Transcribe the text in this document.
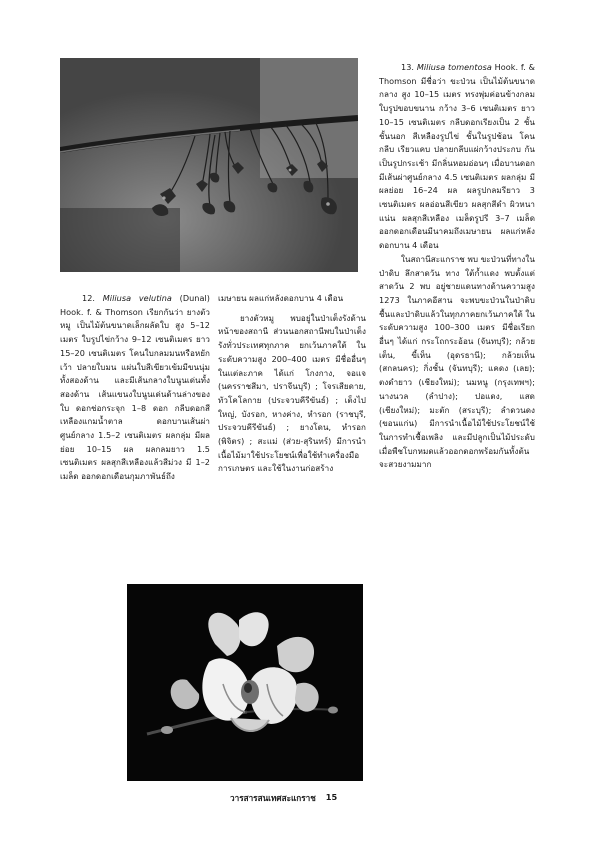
13. Miliusa tomentosa Hook. f. & Thomson มีชื่อว่า ขะป่วน เป็นไม้ต้นขนาดกลาง สูง 10–15 เมตร ทรงพุ่มค่อนข้างกลม ใบรูปขอบขนาน กว้าง 3–6 เซนติเมตร ยาว 10–15 เซนติเมตร กลีบดอกเรียงเป็น 2 ชั้น ชั้นนอก สีเหลืองรูปไข่ ชั้นในรูปช้อน โคนกลีบ เรียวแคบ ปลายกลีบแผ่กว้างประกบ กัน เป็นรูปกระเช้า มีกลิ่นหอมอ่อนๆ เมื่อบานดอกมีเส้นผ่าศูนย์กลาง 4.5 เซนติเมตร ผลกลุ่ม มีผลย่อย 16–24 ผล ผลรูปกลมรียาว 3 เซนติเมตร ผลอ่อนสีเขียว ผลสุกสีดำ ผิวหนาแน่น ผลสุกสีเหลือง เมล็ดรูปรี 3–7 เมล็ด ออกดอกเดือนมีนาคมถึงเมษายน ผลแก่หลังดอกบาน 4 เดือน

ในสถานีสะแกราช พบ ขะป่วนที่ทางใน ป่าดิบ ลึกสาดวัน ทาง ใต้ก้ำเเดง พบตั้งแต่สาดวัน 2 พบ อยู่ชายแดนทางด้านความสูง 1273 ในภาคอีสาน จะพบขะป่วนในป่าดิบชื้นและป่าดิบแล้วในทุกภาคยกเว้นภาคใต้ ในระดับความสูง 100–300 เมตร มีชื่อเรียกอื่นๆ ได้แก่ กระโถกระอ้อน (จันทบุรี); กล้วยเต็น, ขี้เห็น (อุดรธานี); กล้วยเห็น (สกลนคร); กิ่งชั้น (จันทบุรี); แคดง (เลย); ตงดำยาว (เชียงใหม่); นมหนู (กรุงเทพฯ); นางนวล (ลำปาง); ปอแดง, แสด (เชียงใหม่); มะตัก (สระบุรี); ลำดวนดง (ขอนแก่น) มีการนำเนื้อไม้ใช้ประโยชน์ใช้ในการทำเชื้อเพลิง และมีปลูกเป็นไม้ประดับ เมื่อพืชโบกหมดแล้วออกดอกพร้อมกันทั้งต้นจะสวยงามมาก

12. Miliusa velutina (Dunal) Hook. f. & Thomson เรียกกันว่า ยางตัวหมู เป็นไม้ต้นขนาดเล็กผลัดใบ สูง 5–12 เมตร ใบรูปไข่กว้าง 9–12 เซนติเมตร ยาว 15–20 เซนติเมตร โคนใบกลมมนหรือหยักเว้า ปลายใบมน แผ่นใบสีเขียวเข้มมีขนนุ่มทั้งสองด้าน และมีเส้นกลางใบนูนเด่นทั้งสองด้าน เส้นแขนงใบนูนเด่นด้านล่างของใบ ดอกช่อกระจุก 1–8 ดอก กลีบดอกสีเหลืองแกมน้ำตาล ดอกบานเส้นผ่าศูนย์กลาง 1.5–2 เซนติเมตร ผลกลุ่ม มีผลย่อย 10–15 ผล ผลกลมยาว 1.5 เซนติเมตร ผลสุกสีเหลืองแล้วสีม่วง มี 1–2 เมล็ด ออกดอกเดือนกุมภาพันธ์ถึง

เมษายน ผลแก่หลังดอกบาน 4 เดือน

ยางตัวหมู พบอยู่ในป่าเต็งรังด้านหน้าของสถานี ส่วนนอกสถานีพบในป่าเต็งรังทั่วประเทศทุกภาค ยกเว้นภาคใต้ ในระดับความสูง 200–400 เมตร มีชื่ออื่นๆ ในแต่ละภาค ได้แก่ โกงกาง, จอแจ (นครราชสีมา, ปราจีนบุรี) ; โจรเสียดาย, ทัวโคโลกาย (ประจวบคีรีขันธ์) ; เต็งไปใหญ่, บังรอก, หางค่าง, หำรอก (ราชบุรี, ประจวบคีรีขันธ์) ; ยางโดน, หำรอก (พิจิตร) ; สะแม่ (ส่วย-สุรินทร์) มีการนำเนื้อไม้มาใช้ประโยชน์เพื่อใช้ทำเครื่องมือการเกษตร และใช้ในงานก่อสร้าง

วารสารสนเทศสะแกราช 15
